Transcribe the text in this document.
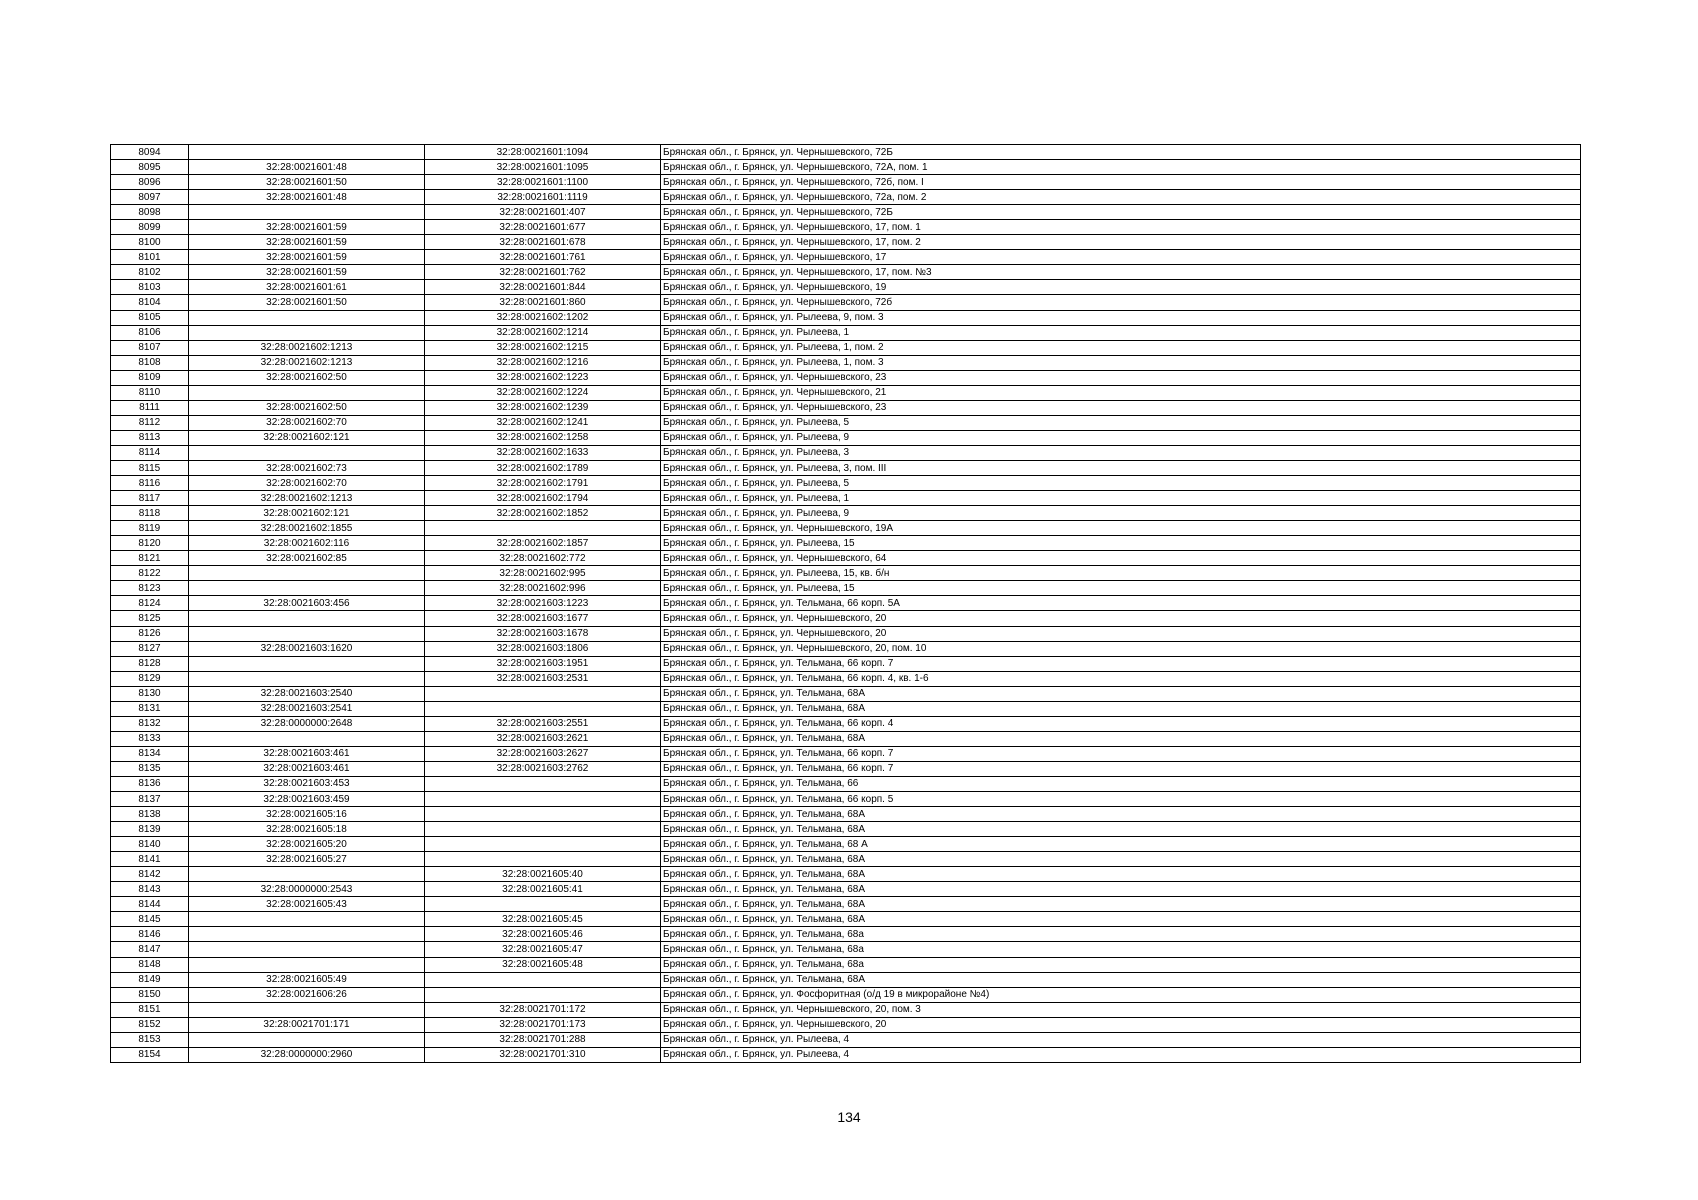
8094		32:28:0021601:1094	Брянская обл., г. Брянск, ул. Чернышевского, 72Б
8095	32:28:0021601:48	32:28:0021601:1095	Брянская обл., г. Брянск, ул. Чернышевского, 72А, пом. 1
8096	32:28:0021601:50	32:28:0021601:1100	Брянская обл., г. Брянск, ул. Чернышевского, 72б, пом. I
8097	32:28:0021601:48	32:28:0021601:1119	Брянская обл., г. Брянск, ул. Чернышевского, 72а, пом. 2
8098		32:28:0021601:407	Брянская обл., г. Брянск, ул. Чернышевского, 72Б
8099	32:28:0021601:59	32:28:0021601:677	Брянская обл., г. Брянск, ул. Чернышевского, 17, пом. 1
8100	32:28:0021601:59	32:28:0021601:678	Брянская обл., г. Брянск, ул. Чернышевского, 17, пом. 2
8101	32:28:0021601:59	32:28:0021601:761	Брянская обл., г. Брянск, ул. Чернышевского, 17
8102	32:28:0021601:59	32:28:0021601:762	Брянская обл., г. Брянск, ул. Чернышевского, 17, пом. №3
8103	32:28:0021601:61	32:28:0021601:844	Брянская обл., г. Брянск, ул. Чернышевского, 19
8104	32:28:0021601:50	32:28:0021601:860	Брянская обл., г. Брянск, ул. Чернышевского, 72б
8105		32:28:0021602:1202	Брянская обл., г. Брянск, ул. Рылеева, 9, пом. 3
8106		32:28:0021602:1214	Брянская обл., г. Брянск, ул. Рылеева, 1
8107	32:28:0021602:1213	32:28:0021602:1215	Брянская обл., г. Брянск, ул. Рылеева, 1, пом. 2
8108	32:28:0021602:1213	32:28:0021602:1216	Брянская обл., г. Брянск, ул. Рылеева, 1, пом. 3
8109	32:28:0021602:50	32:28:0021602:1223	Брянская обл., г. Брянск, ул. Чернышевского, 23
8110		32:28:0021602:1224	Брянская обл., г. Брянск, ул. Чернышевского, 21
8111	32:28:0021602:50	32:28:0021602:1239	Брянская обл., г. Брянск, ул. Чернышевского, 23
8112	32:28:0021602:70	32:28:0021602:1241	Брянская обл., г. Брянск, ул. Рылеева, 5
8113	32:28:0021602:121	32:28:0021602:1258	Брянская обл., г. Брянск, ул. Рылеева, 9
8114		32:28:0021602:1633	Брянская обл., г. Брянск, ул. Рылеева, 3
8115	32:28:0021602:73	32:28:0021602:1789	Брянская обл., г. Брянск, ул. Рылеева, 3, пом. III
8116	32:28:0021602:70	32:28:0021602:1791	Брянская обл., г. Брянск, ул. Рылеева, 5
8117	32:28:0021602:1213	32:28:0021602:1794	Брянская обл., г. Брянск, ул. Рылеева, 1
8118	32:28:0021602:121	32:28:0021602:1852	Брянская обл., г. Брянск, ул. Рылеева, 9
8119	32:28:0021602:1855		Брянская обл., г. Брянск, ул. Чернышевского, 19А
8120	32:28:0021602:116	32:28:0021602:1857	Брянская обл., г. Брянск, ул. Рылеева, 15
8121	32:28:0021602:85	32:28:0021602:772	Брянская обл., г. Брянск, ул. Чернышевского, 64
8122		32:28:0021602:995	Брянская обл., г. Брянск, ул. Рылеева, 15, кв. б/н
8123		32:28:0021602:996	Брянская обл., г. Брянск, ул. Рылеева, 15
8124	32:28:0021603:456	32:28:0021603:1223	Брянская обл., г. Брянск, ул. Тельмана, 66 корп. 5А
8125		32:28:0021603:1677	Брянская обл., г. Брянск, ул. Чернышевского, 20
8126		32:28:0021603:1678	Брянская обл., г. Брянск, ул. Чернышевского, 20
8127	32:28:0021603:1620	32:28:0021603:1806	Брянская обл., г. Брянск, ул. Чернышевского, 20, пом. 10
8128		32:28:0021603:1951	Брянская обл., г. Брянск, ул. Тельмана, 66 корп. 7
8129		32:28:0021603:2531	Брянская обл., г. Брянск, ул. Тельмана, 66 корп. 4, кв. 1-6
8130	32:28:0021603:2540		Брянская обл., г. Брянск, ул. Тельмана, 68А
8131	32:28:0021603:2541		Брянская обл., г. Брянск, ул. Тельмана, 68А
8132	32:28:0000000:2648	32:28:0021603:2551	Брянская обл., г. Брянск, ул. Тельмана, 66 корп. 4
8133		32:28:0021603:2621	Брянская обл., г. Брянск, ул. Тельмана, 68А
8134	32:28:0021603:461	32:28:0021603:2627	Брянская обл., г. Брянск, ул. Тельмана, 66 корп. 7
8135	32:28:0021603:461	32:28:0021603:2762	Брянская обл., г. Брянск, ул. Тельмана, 66 корп. 7
8136	32:28:0021603:453		Брянская обл., г. Брянск, ул. Тельмана, 66
8137	32:28:0021603:459		Брянская обл., г. Брянск, ул. Тельмана, 66 корп. 5
8138	32:28:0021605:16		Брянская обл., г. Брянск, ул. Тельмана, 68А
8139	32:28:0021605:18		Брянская обл., г. Брянск, ул. Тельмана, 68А
8140	32:28:0021605:20		Брянская обл., г. Брянск, ул. Тельмана, 68 А
8141	32:28:0021605:27		Брянская обл., г. Брянск, ул. Тельмана, 68А
8142		32:28:0021605:40	Брянская обл., г. Брянск, ул. Тельмана, 68А
8143	32:28:0000000:2543	32:28:0021605:41	Брянская обл., г. Брянск, ул. Тельмана, 68А
8144	32:28:0021605:43		Брянская обл., г. Брянск, ул. Тельмана, 68А
8145		32:28:0021605:45	Брянская обл., г. Брянск, ул. Тельмана, 68А
8146		32:28:0021605:46	Брянская обл., г. Брянск, ул. Тельмана, 68а
8147		32:28:0021605:47	Брянская обл., г. Брянск, ул. Тельмана, 68а
8148		32:28:0021605:48	Брянская обл., г. Брянск, ул. Тельмана, 68а
8149	32:28:0021605:49		Брянская обл., г. Брянск, ул. Тельмана, 68А
8150	32:28:0021606:26		Брянская обл., г. Брянск, ул. Фосфоритная (о/д 19 в микрорайоне №4)
8151		32:28:0021701:172	Брянская обл., г. Брянск, ул. Чернышевского, 20, пом. 3
8152	32:28:0021701:171	32:28:0021701:173	Брянская обл., г. Брянск, ул. Чернышевского, 20
8153		32:28:0021701:288	Брянская обл., г. Брянск, ул. Рылеева, 4
8154	32:28:0000000:2960	32:28:0021701:310	Брянская обл., г. Брянск, ул. Рылеева, 4
134
